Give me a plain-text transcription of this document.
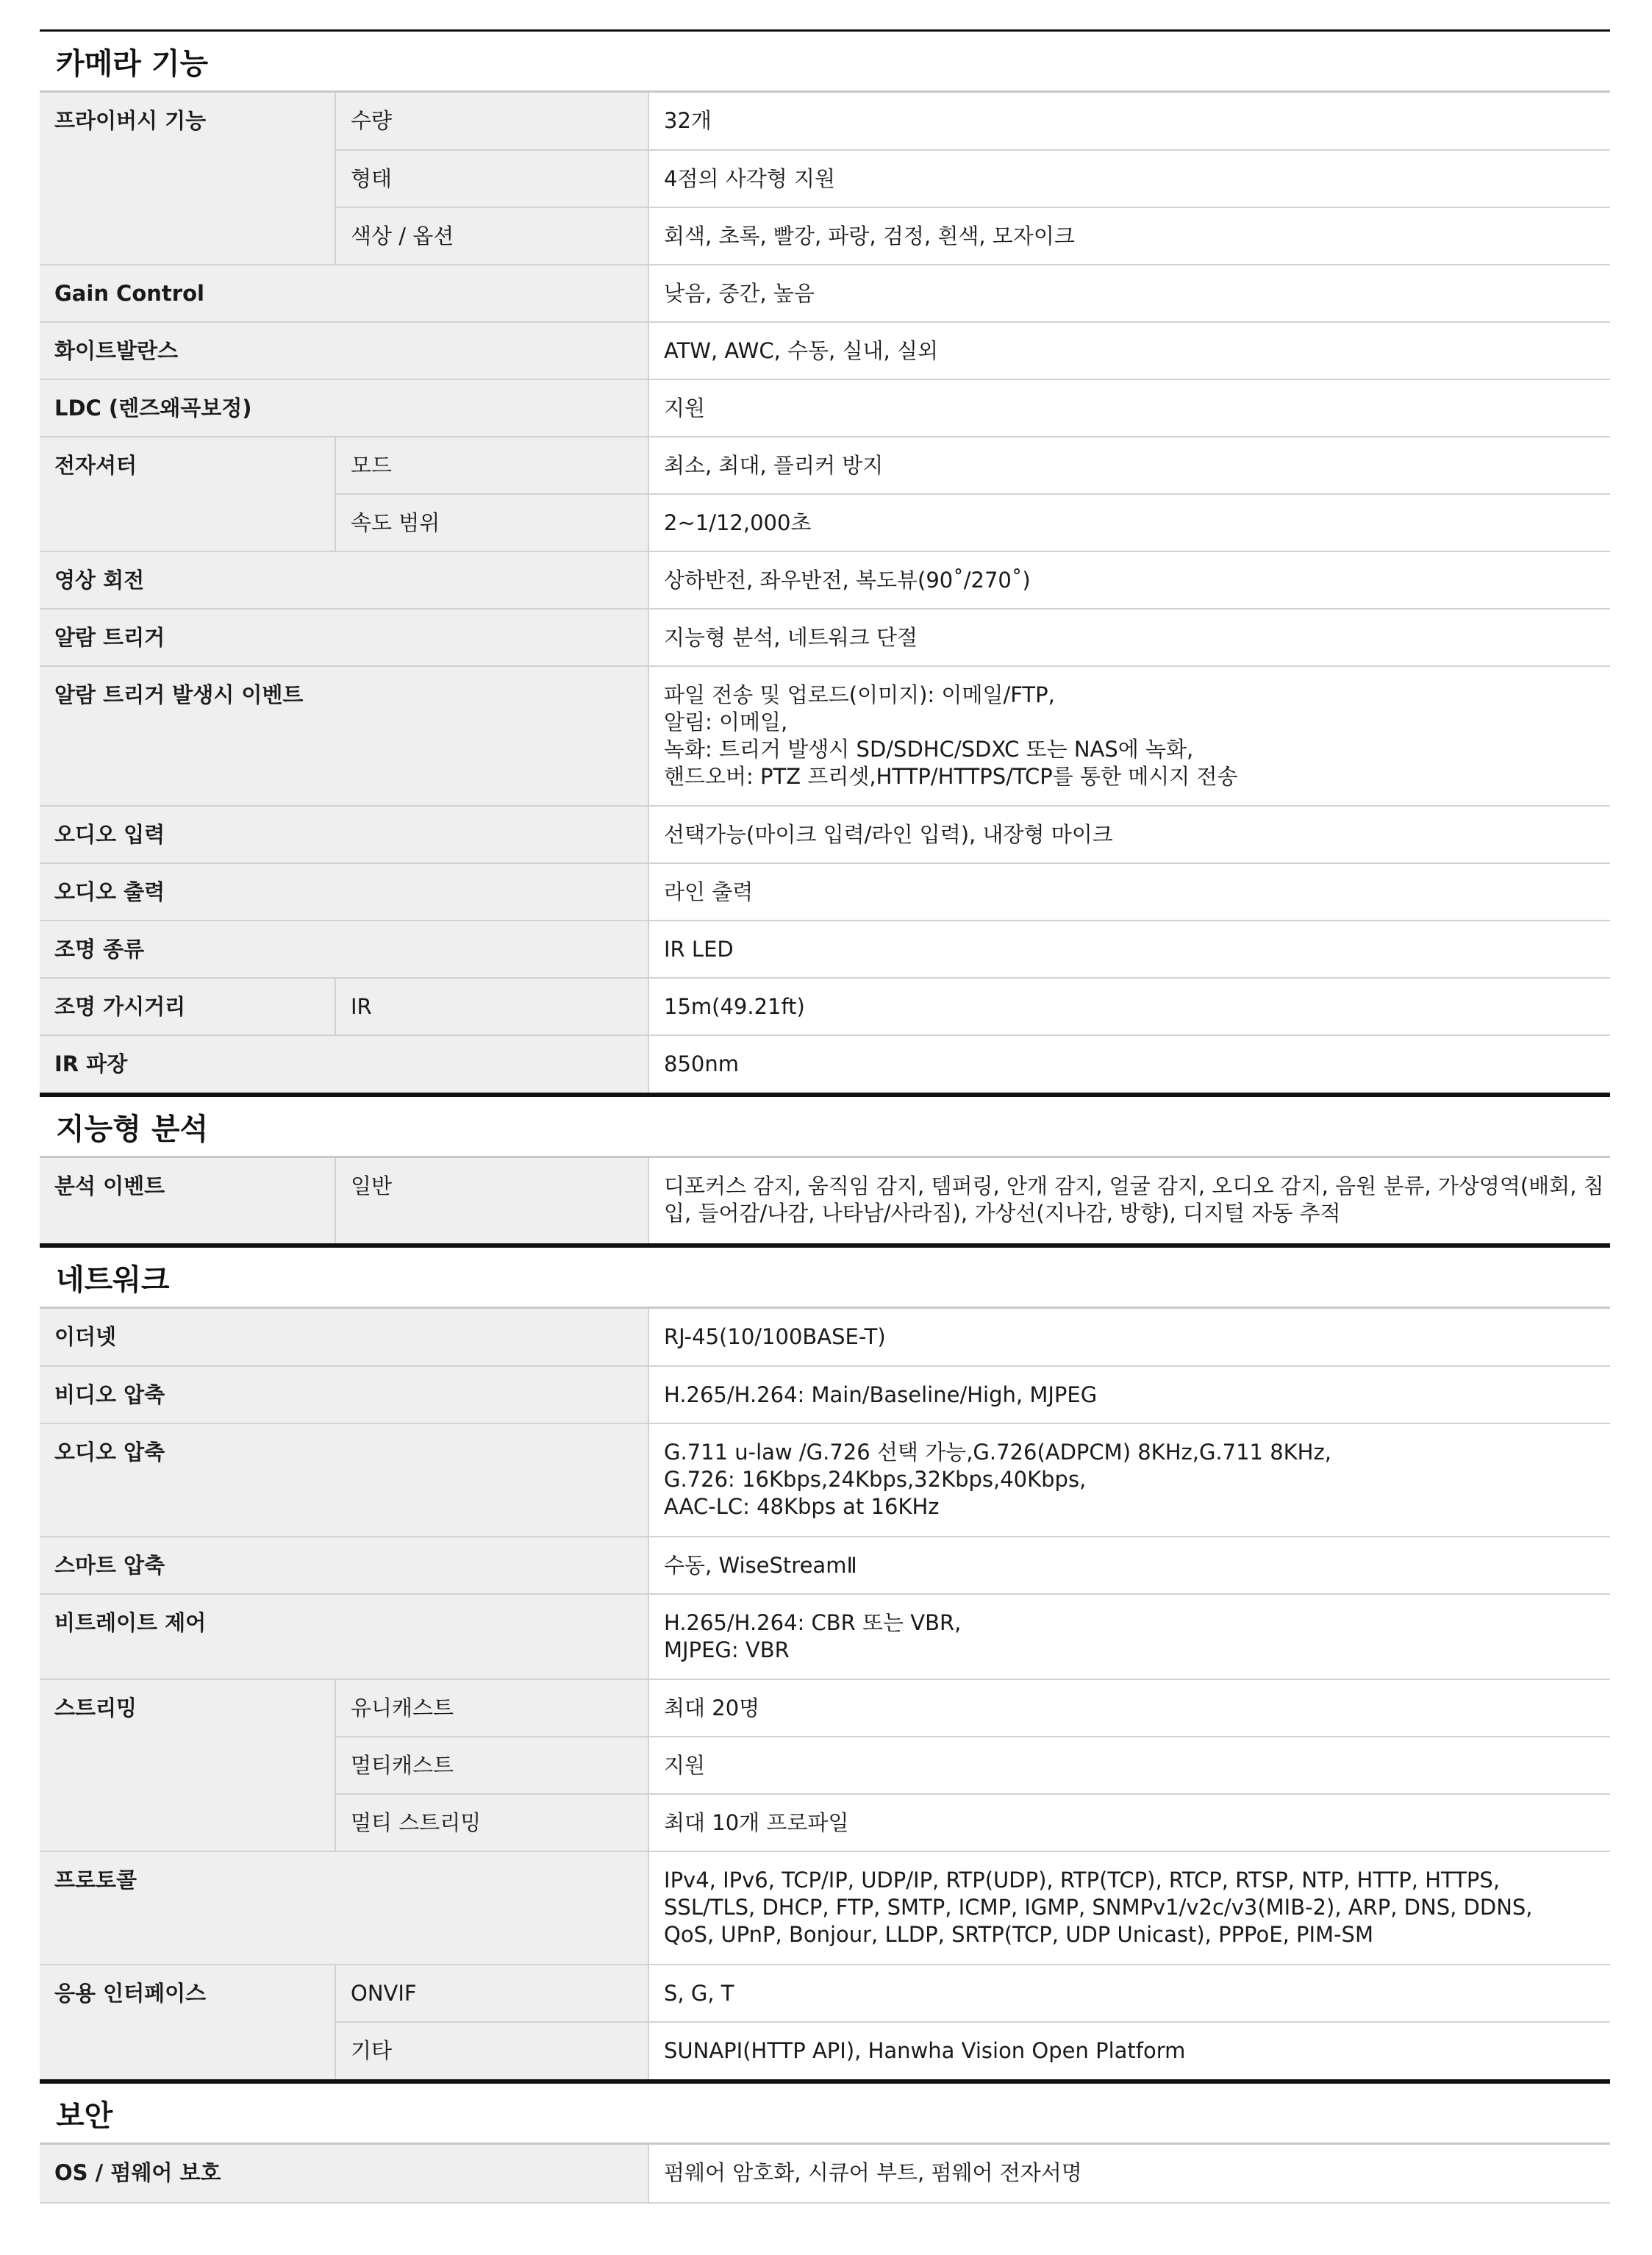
카메라 기능
프라이버시 기능	수량	32개

	형태	4점의 사각형 지원

	색상 / 옵션	회색, 초록, 빨강, 파랑, 검정, 흰색, 모자이크

Gain Control		낮음, 중간, 높음

화이트발란스		ATW, AWC, 수동, 실내, 실외

LDC (렌즈왜곡보정)		지원

전자셔터	모드	최소, 최대, 플리커 방지

	속도 범위	2~1/12,000초

영상 회전		상하반전, 좌우반전, 복도뷰(90˚/270˚)

알람 트리거		지능형 분석, 네트워크 단절

알람 트리거 발생시 이벤트		파일 전송 및 업로드(이미지): 이메일/FTP,
알림: 이메일,
녹화: 트리거 발생시 SD/SDHC/SDXC 또는 NAS에 녹화,
핸드오버: PTZ 프리셋,HTTP/HTTPS/TCP를 통한 메시지 전송

오디오 입력		선택가능(마이크 입력/라인 입력), 내장형 마이크

오디오 출력		라인 출력

조명 종류		IR LED

조명 가시거리	IR	15m(49.21ft)

IR 파장		850nm
지능형 분석
분석 이벤트	일반	디포커스 감지, 움직임 감지, 템퍼링, 안개 감지, 얼굴 감지, 오디오 감지, 음원 분류, 가상영역(배회, 침
입, 들어감/나감, 나타남/사라짐), 가상선(지나감, 방향), 디지털 자동 추적
네트워크
이더넷		RJ-45(10/100BASE-T)

비디오 압축		H.265/H.264: Main/Baseline/High, MJPEG

오디오 압축		G.711 u-law /G.726 선택 가능,G.726(ADPCM) 8KHz,G.711 8KHz,
G.726: 16Kbps,24Kbps,32Kbps,40Kbps,
AAC-LC: 48Kbps at 16KHz

스마트 압축		수동, WiseStreamⅡ

비트레이트 제어		H.265/H.264: CBR 또는 VBR,
MJPEG: VBR

스트리밍	유니캐스트	최대 20명

	멀티캐스트	지원

	멀티 스트리밍	최대 10개 프로파일

프로토콜		IPv4, IPv6, TCP/IP, UDP/IP, RTP(UDP), RTP(TCP), RTCP, RTSP, NTP, HTTP, HTTPS,
SSL/TLS, DHCP, FTP, SMTP, ICMP, IGMP, SNMPv1/v2c/v3(MIB-2), ARP, DNS, DDNS,
QoS, UPnP, Bonjour, LLDP, SRTP(TCP, UDP Unicast), PPPoE, PIM-SM

응용 인터페이스	ONVIF	S, G, T

	기타	SUNAPI(HTTP API), Hanwha Vision Open Platform
보안
OS / 펌웨어 보호	펌웨어 암호화, 시큐어 부트, 펌웨어 전자서명
